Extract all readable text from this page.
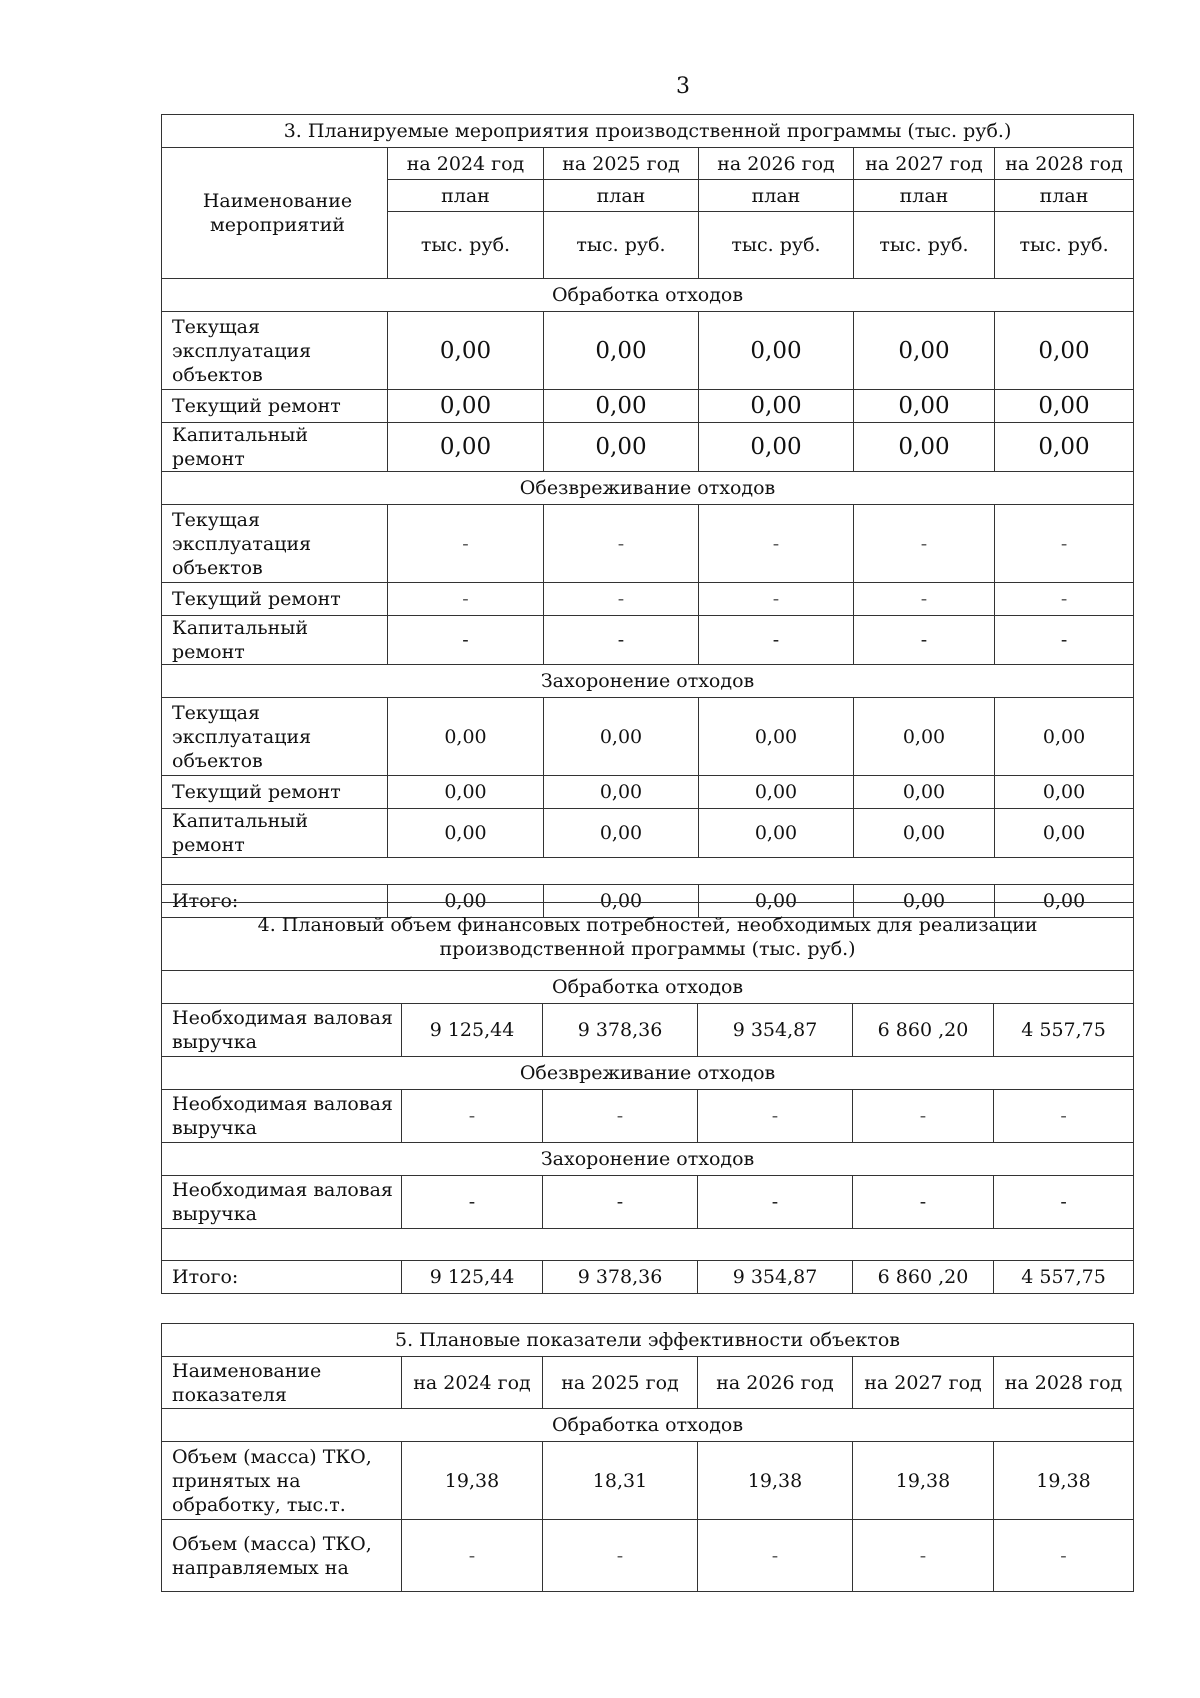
3
3. Планируемые мероприятия производственной программы (тыс. руб.)					
Наименование мероприятий	на 2024 год	на 2025 год	на 2026 год	на 2027 год	на 2028 год
	план	план	план	план	план
	тыс. руб.	тыс. руб.	тыс. руб.	тыс. руб.	тыс. руб.
Обработка отходов					
Текущая эксплуатация объектов	0,00	0,00	0,00	0,00	0,00
Текущий ремонт	0,00	0,00	0,00	0,00	0,00
Капитальный ремонт	0,00	0,00	0,00	0,00	0,00
Обезвреживание отходов					
Текущая эксплуатация объектов	-	-	-	-	-
Текущий ремонт	-	-	-	-	-
Капитальный ремонт	-	-	-	-	-
Захоронение отходов					
Текущая эксплуатация объектов	0,00	0,00	0,00	0,00	0,00
Текущий ремонт	0,00	0,00	0,00	0,00	0,00
Капитальный ремонт	0,00	0,00	0,00	0,00	0,00

Итого:	0,00	0,00	0,00	0,00	0,00
4. Плановый объем финансовых потребностей, необходимых для реализации производственной программы (тыс. руб.)					
Обработка отходов					
Необходимая валовая выручка	9 125,44	9 378,36	9 354,87	6 860 ,20	4 557,75
Обезвреживание отходов					
Необходимая валовая выручка	-	-	-	-	-
Захоронение отходов					
Необходимая валовая выручка	-	-	-	-	-

Итого:	9 125,44	9 378,36	9 354,87	6 860 ,20	4 557,75
5. Плановые показатели эффективности объектов					
Наименование показателя	на 2024 год	на 2025 год	на 2026 год	на 2027 год	на 2028 год
Обработка отходов					
Объем (масса) ТКО, принятых на обработку, тыс.т.	19,38	18,31	19,38	19,38	19,38
Объем (масса) ТКО, направляемых на	-	-	-	-	-
